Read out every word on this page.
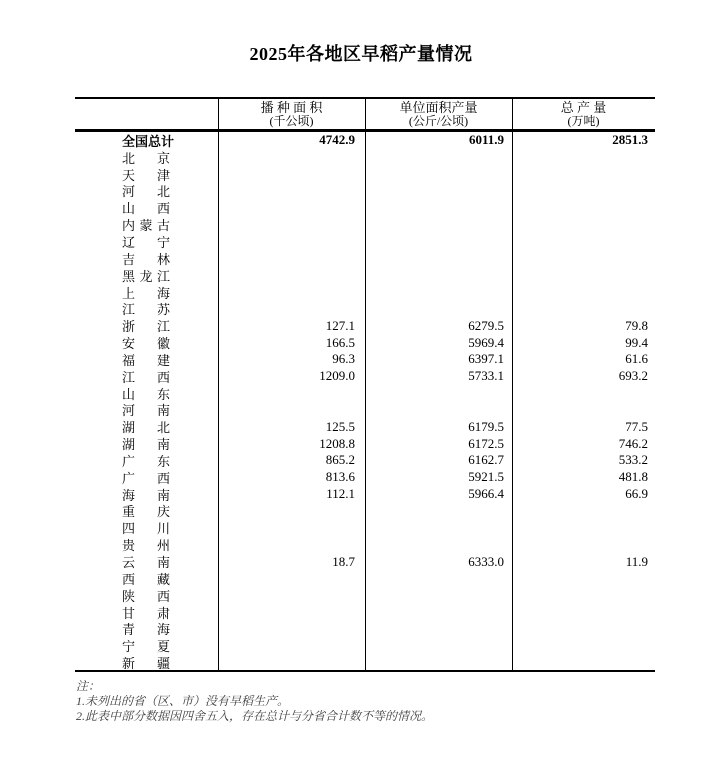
2025年各地区早稻产量情况
播 种 面 积
(千公顷)
单位面积产量
(公斤/公顷)
总 产 量
(万吨)
全国总计	4742.9	6011.9	2851.3
北 京
天 津
河 北
山 西
内 蒙 古
辽 宁
吉 林
黑 龙 江
上 海
江 苏
浙 江	127.1	6279.5	79.8
安 徽	166.5	5969.4	99.4
福 建	96.3	6397.1	61.6
江 西	1209.0	5733.1	693.2
山 东
河 南
湖 北	125.5	6179.5	77.5
湖 南	1208.8	6172.5	746.2
广 东	865.2	6162.7	533.2
广 西	813.6	5921.5	481.8
海 南	112.1	5966.4	66.9
重 庆
四 川
贵 州
云 南	18.7	6333.0	11.9
西 藏
陕 西
甘 肃
青 海
宁 夏
新 疆
注：
1.未列出的省（区、市）没有早稻生产。
2.此表中部分数据因四舍五入，存在总计与分省合计数不等的情况。
